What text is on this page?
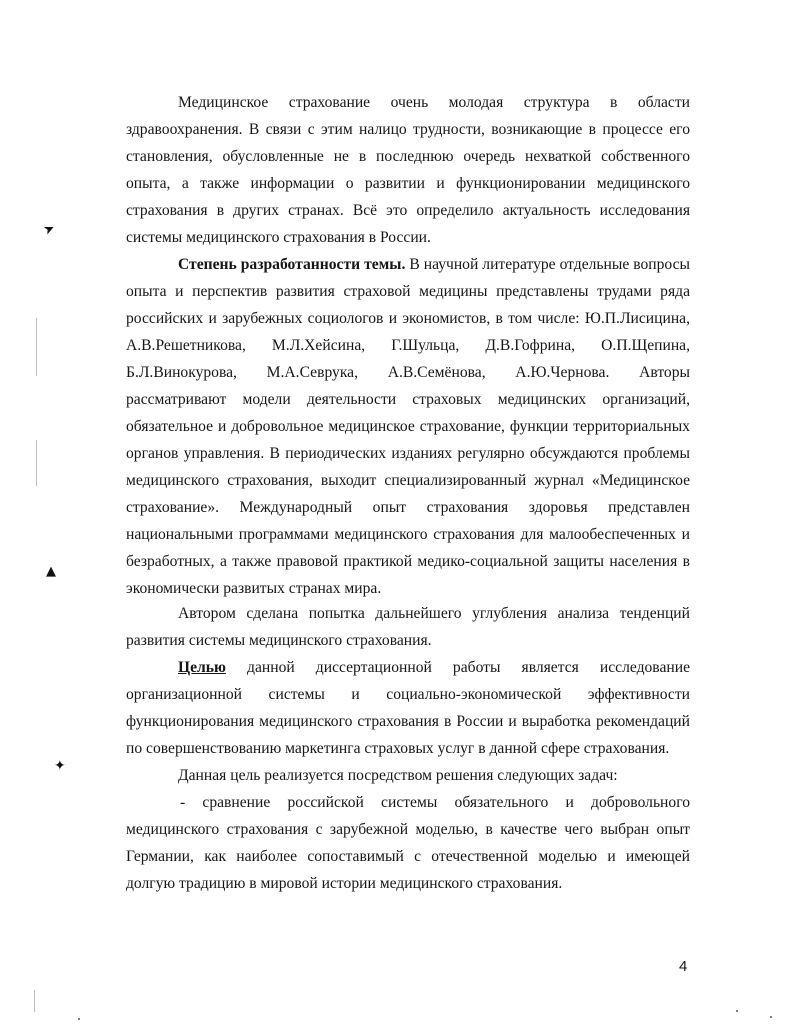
Медицинское страхование очень молодая структура в области здравоохранения. В связи с этим налицо трудности, возникающие в процессе его становления, обусловленные не в последнюю очередь нехваткой собственного опыта, а также информации о развитии и функционировании медицинского страхования в других странах. Всё это определило актуальность исследования системы медицинского страхования в России.

Степень разработанности темы. В научной литературе отдельные вопросы опыта и перспектив развития страховой медицины представлены трудами ряда российских и зарубежных социологов и экономистов, в том числе: Ю.П.Лисицина, А.В.Решетникова, М.Л.Хейсина, Г.Шульца, Д.В.Гофрина, О.П.Щепина, Б.Л.Винокурова, М.А.Севрука, А.В.Семёнова, А.Ю.Чернова. Авторы рассматривают модели деятельности страховых медицинских организаций, обязательное и добровольное медицинское страхование, функции территориальных органов управления. В периодических изданиях регулярно обсуждаются проблемы медицинского страхования, выходит специализированный журнал «Медицинское страхование». Международный опыт страхования здоровья представлен национальными программами медицинского страхования для малообеспеченных и безработных, а также правовой практикой медико-социальной защиты населения в экономически развитых странах мира.

Автором сделана попытка дальнейшего углубления анализа тенденций развития системы медицинского страхования.

Целью данной диссертационной работы является исследование организационной системы и социально-экономической эффективности функционирования медицинского страхования в России и выработка рекомендаций по совершенствованию маркетинга страховых услуг в данной сфере страхования.

Данная цель реализуется посредством решения следующих задач:

- сравнение российской системы обязательного и добровольного медицинского страхования с зарубежной моделью, в качестве чего выбран опыт Германии, как наиболее сопоставимый с отечественной моделью и имеющей долгую традицию в мировой истории медицинского страхования.

4
➤
▲
✦
